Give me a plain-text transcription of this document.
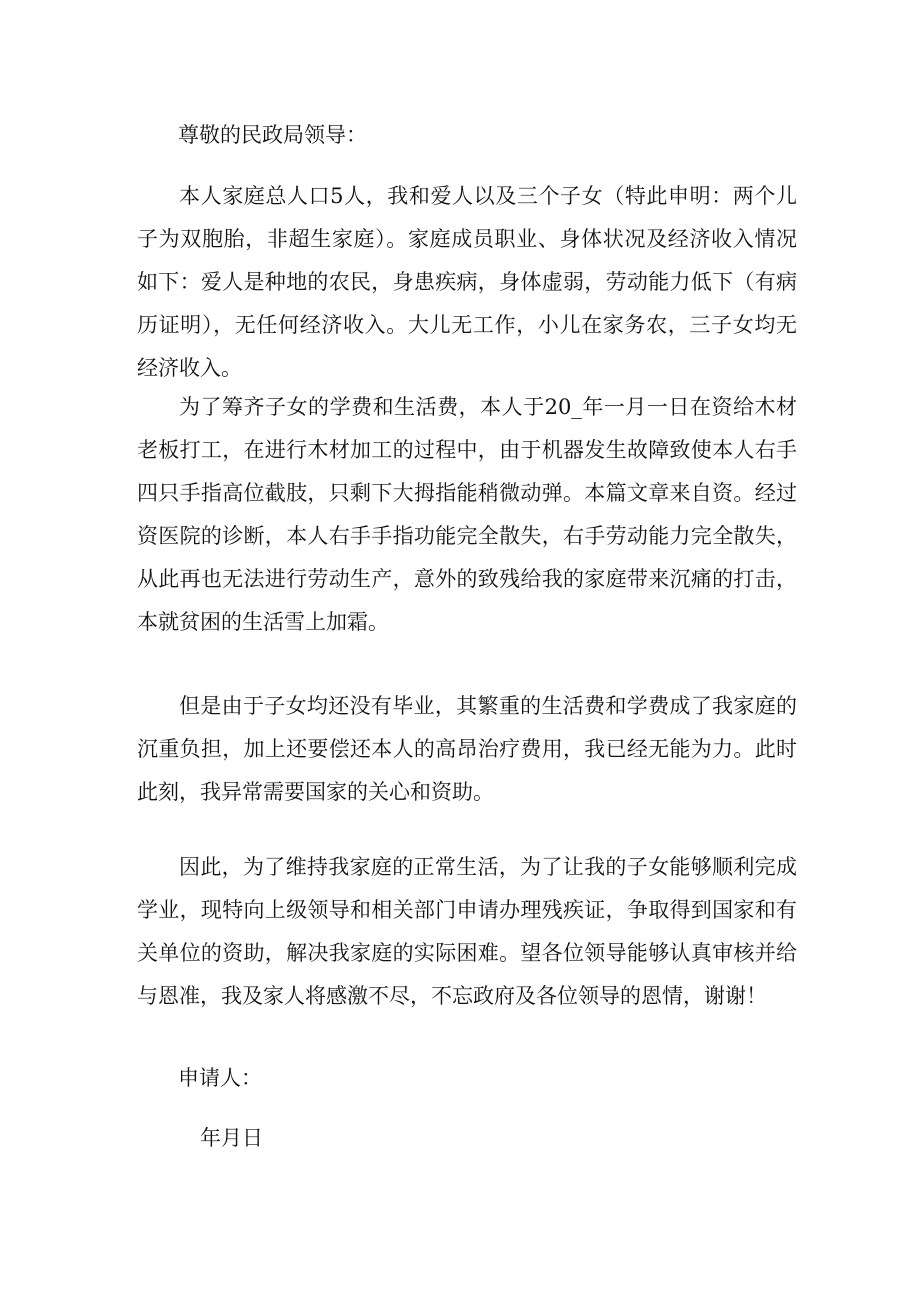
尊敬的民政局领导：

本人家庭总人口5人，我和爱人以及三个子女（特此申明：两个儿子为双胞胎，非超生家庭）。家庭成员职业、身体状况及经济收入情况如下：爱人是种地的农民，身患疾病，身体虚弱，劳动能力低下（有病历证明），无任何经济收入。大儿无工作，小儿在家务农，三子女均无经济收入。

为了筹齐子女的学费和生活费，本人于20_年一月一日在资给木材老板打工，在进行木材加工的过程中，由于机器发生故障致使本人右手四只手指高位截肢，只剩下大拇指能稍微动弹。本篇文章来自资。经过资医院的诊断，本人右手手指功能完全散失，右手劳动能力完全散失，从此再也无法进行劳动生产，意外的致残给我的家庭带来沉痛的打击，本就贫困的生活雪上加霜。

但是由于子女均还没有毕业，其繁重的生活费和学费成了我家庭的沉重负担，加上还要偿还本人的高昂治疗费用，我已经无能为力。此时此刻，我异常需要国家的关心和资助。

因此，为了维持我家庭的正常生活，为了让我的子女能够顺利完成学业，现特向上级领导和相关部门申请办理残疾证，争取得到国家和有关单位的资助，解决我家庭的实际困难。望各位领导能够认真审核并给与恩准，我及家人将感激不尽，不忘政府及各位领导的恩情，谢谢！

申请人：
年月日
